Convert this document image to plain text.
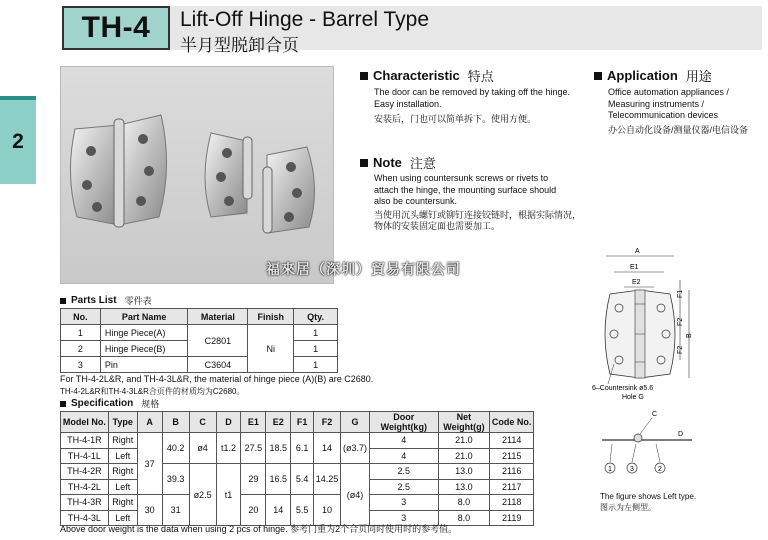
TH-4 Lift-Off Hinge - Barrel Type
半月型脱卸合页
2
福來居（深圳）貿易有限公司
Characteristic 特点
The door can be removed by taking off the hinge.
Easy installation.
安装后，门也可以简单拆下。使用方便。
Application 用途
Office automation appliances /
Measuring instruments /
Telecommunication devices
办公自动化设备/测量仪器/电信设备
Note 注意
When using countersunk screws or rivets to
attach the hinge, the mounting surface should
also be countersunk.
当使用沉头螺钉或铆钉连接铰链时，根据实际情况，
物体的安装固定面也需要加工。
A
E1
E2
F1
F2
F2
B
6–Countersink ø5.6
Hole G
C
D
1	3	2
The figure shows Left type.
图示为左侧型。
Parts List 零件表
No.	Part Name	Material	Finish	Qty.
1	Hinge Piece(A)	C2801	Ni	1
2	Hinge Piece(B)			1
3	Pin	C3604		1
For TH-4-2L&R, and TH-4-3L&R, the material of hinge piece (A)(B) are C2680.
TH-4-2L&R和TH-4-3L&R合页件的材质均为C2680。
Specification 规格
Model No.	Type	A	B	C	D	E1	E2	F1	F2	G	Door Weight(kg)	Net Weight(g)	Code No.
TH-4-1R	Right	37	40.2	ø4	t1.2	27.5	18.5	6.1	14	(ø3.7)	4	21.0	2114
TH-4-1L	Left										4	21.0	2115
TH-4-2R	Right		39.3	ø2.5	t1	29	16.5	5.4	14.25	(ø4)	2.5	13.0	2116
TH-4-2L	Left										2.5	13.0	2117
TH-4-3R	Right	30	31			20	14	5.5	10		3	8.0	2118
TH-4-3L	Left										3	8.0	2119
Above door weight is the data when using 2 pcs of hinge. 参考门重为2个合页同时使用时的参考值。
